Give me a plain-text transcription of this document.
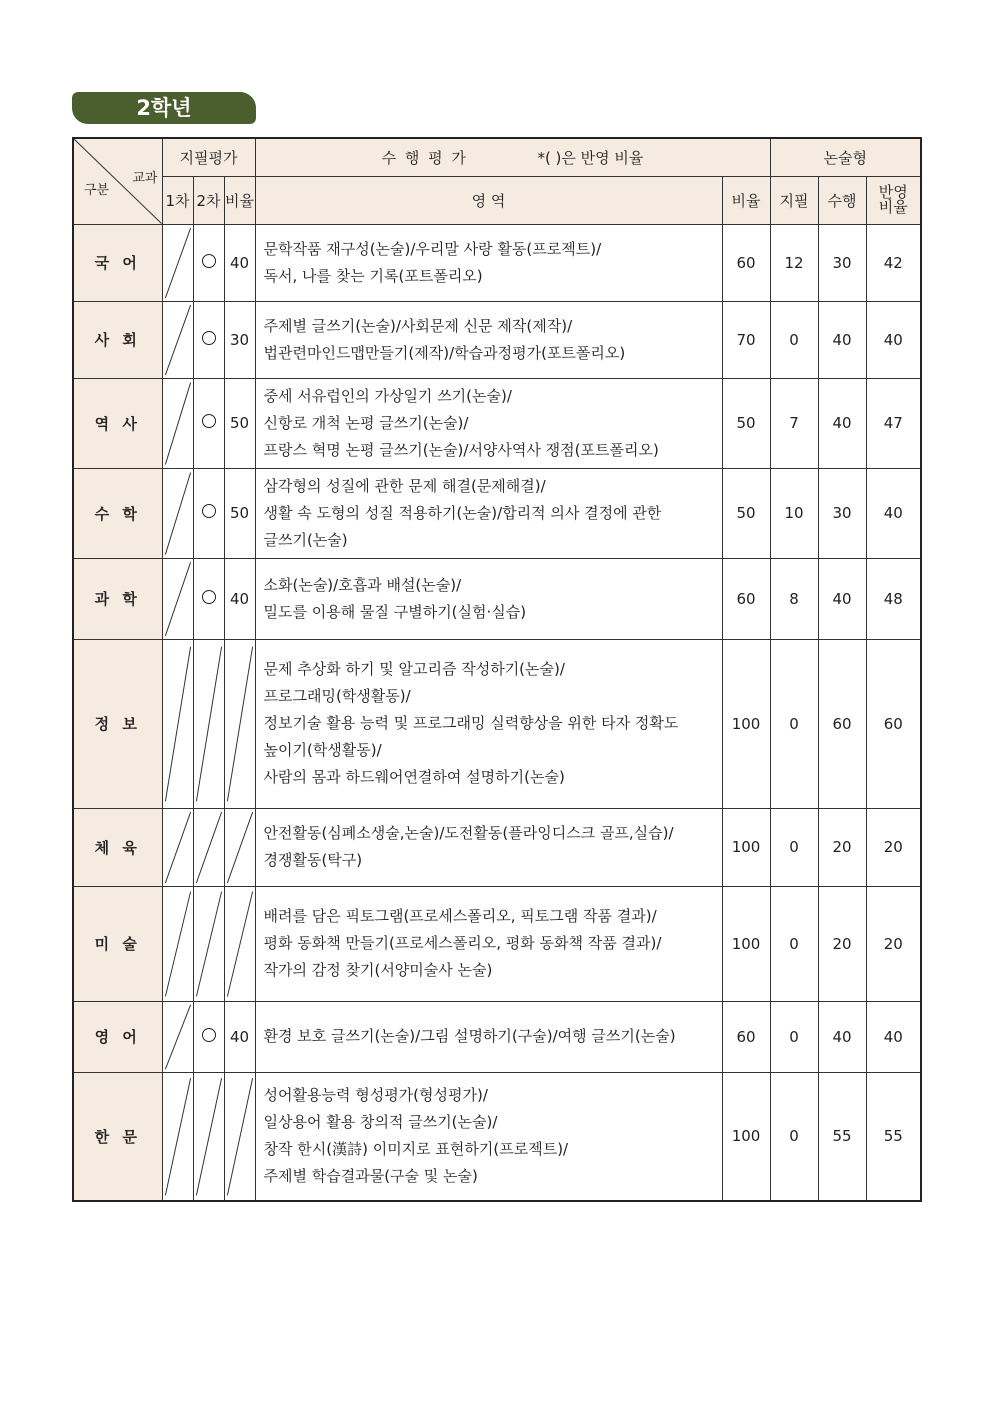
2학년
교과
구분	지필평가			수 행 평 가 *( )은 반영 비율		논술형		
	1차	2차	비율	영 역	비율	지필	수행	반영
비율
국 어			40	문학작품 재구성(논술)/우리말 사랑 활동(프로젝트)/
독서, 나를 찾는 기록(포트폴리오)	60	12	30	42
사 회			30	주제별 글쓰기(논술)/사회문제 신문 제작(제작)/
법관련마인드맵만들기(제작)/학습과정평가(포트폴리오)	70	0	40	40
역 사			50	중세 서유럽인의 가상일기 쓰기(논술)/
신항로 개척 논평 글쓰기(논술)/
프랑스 혁명 논평 글쓰기(논술)/서양사역사 쟁점(포트폴리오)	50	7	40	47
수 학			50	삼각형의 성질에 관한 문제 해결(문제해결)/
생활 속 도형의 성질 적용하기(논술)/합리적 의사 결정에 관한
글쓰기(논술)	50	10	30	40
과 학			40	소화(논술)/호흡과 배설(논술)/
밀도를 이용해 물질 구별하기(실험·실습)	60	8	40	48
정 보				문제 추상화 하기 및 알고리즘 작성하기(논술)/
프로그래밍(학생활동)/
정보기술 활용 능력 및 프로그래밍 실력향상을 위한 타자 정확도
높이기(학생활동)/
사람의 몸과 하드웨어연결하여 설명하기(논술)	100	0	60	60
체 육				안전활동(심폐소생술,논술)/도전활동(플라잉디스크 골프,실습)/
경쟁활동(탁구)	100	0	20	20
미 술				배려를 담은 픽토그램(프로세스폴리오, 픽토그램 작품 결과)/
평화 동화책 만들기(프로세스폴리오, 평화 동화책 작품 결과)/
작가의 감정 찾기(서양미술사 논술)	100	0	20	20
영 어			40	환경 보호 글쓰기(논술)/그림 설명하기(구술)/여행 글쓰기(논술)	60	0	40	40
한 문				성어활용능력 형성평가(형성평가)/
일상용어 활용 창의적 글쓰기(논술)/
창작 한시(漢詩) 이미지로 표현하기(프로젝트)/
주제별 학습결과물(구술 및 논술)	100	0	55	55
